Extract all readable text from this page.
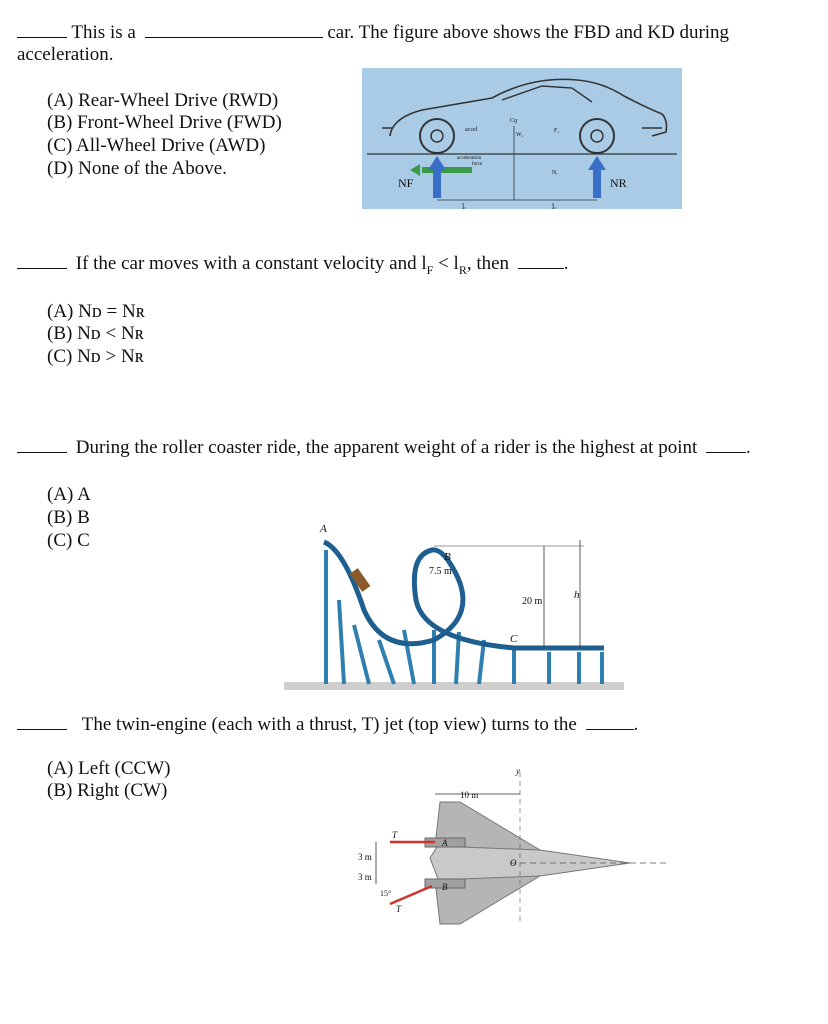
This is a	car. The figure above shows the FBD and KD during
acceleration.
(A) Rear-Wheel Drive (RWD)
(B) Front-Wheel Drive (FWD)
(C) All-Wheel Drive (AWD)
(D) None of the Above.
NF	NR
accel
acceleration
force
Cɡ
W₁
F₁
Nᵣ
lᵣ	lᵣ
If the car moves with a constant velocity and $l_F < l_R$, then	.
(A) Nᴅ = Nʀ
(B) Nᴅ < Nʀ
(C) Nᴅ > Nʀ
During the roller coaster ride, the apparent weight of a rider is the highest at point	.
(A) A
(B) B
(C) C
A
B
7.5 m
C
20 m
h
The twin-engine (each with a thrust, T) jet (top view) turns to the	.
(A) Left (CCW)
(B) Right (CW)	10 m
y
T
T
A
B
O
3 m
3 m
15°
